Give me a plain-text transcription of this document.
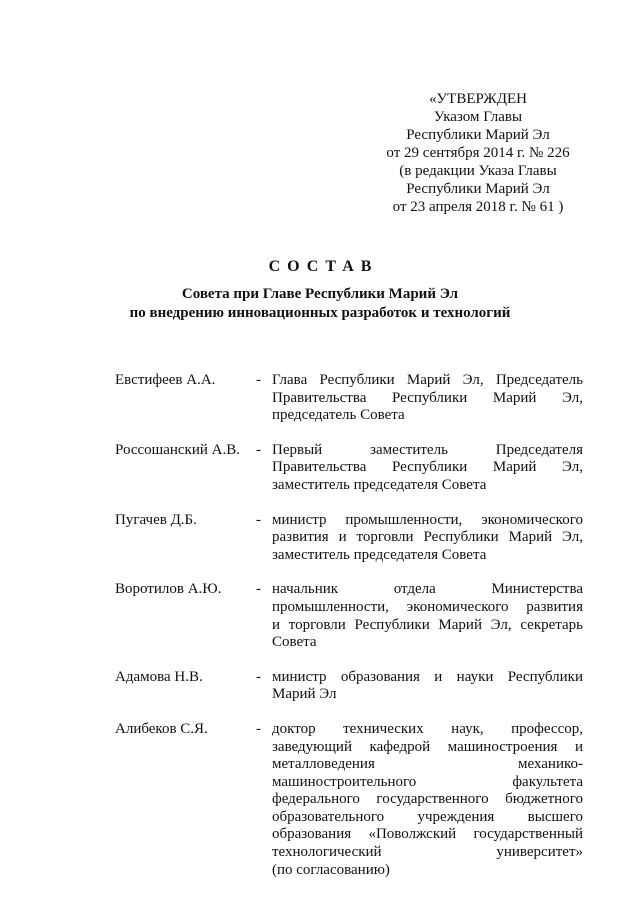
«УТВЕРЖДЕН
Указом Главы
Республики Марий Эл
от 29 сентября 2014 г. № 226
(в редакции Указа Главы
Республики Марий Эл
от 23 апреля 2018 г. № 61 )
СОСТАВ
Совета при Главе Республики Марий Эл
по внедрению инновационных разработок и технологий
Евстифеев А.А.	- Глава Республики Марий Эл, Председатель
Правительства Республики Марий Эл,
председатель Совета
Россошанский А.В.	- Первый заместитель Председателя
Правительства Республики Марий Эл,
заместитель председателя Совета
Пугачев Д.Б.	- министр промышленности, экономического
развития и торговли Республики Марий Эл,
заместитель председателя Совета
Воротилов А.Ю.	- начальник отдела Министерства
промышленности, экономического развития
и торговли Республики Марий Эл, секретарь
Совета
Адамова Н.В.	- министр образования и науки Республики
Марий Эл
Алибеков С.Я.	- доктор технических наук, профессор,
заведующий кафедрой машиностроения и
металловедения механико-
машиностроительного факультета
федерального государственного бюджетного
образовательного учреждения высшего
образования «Поволжский государственный
технологический университет»
(по согласованию)
